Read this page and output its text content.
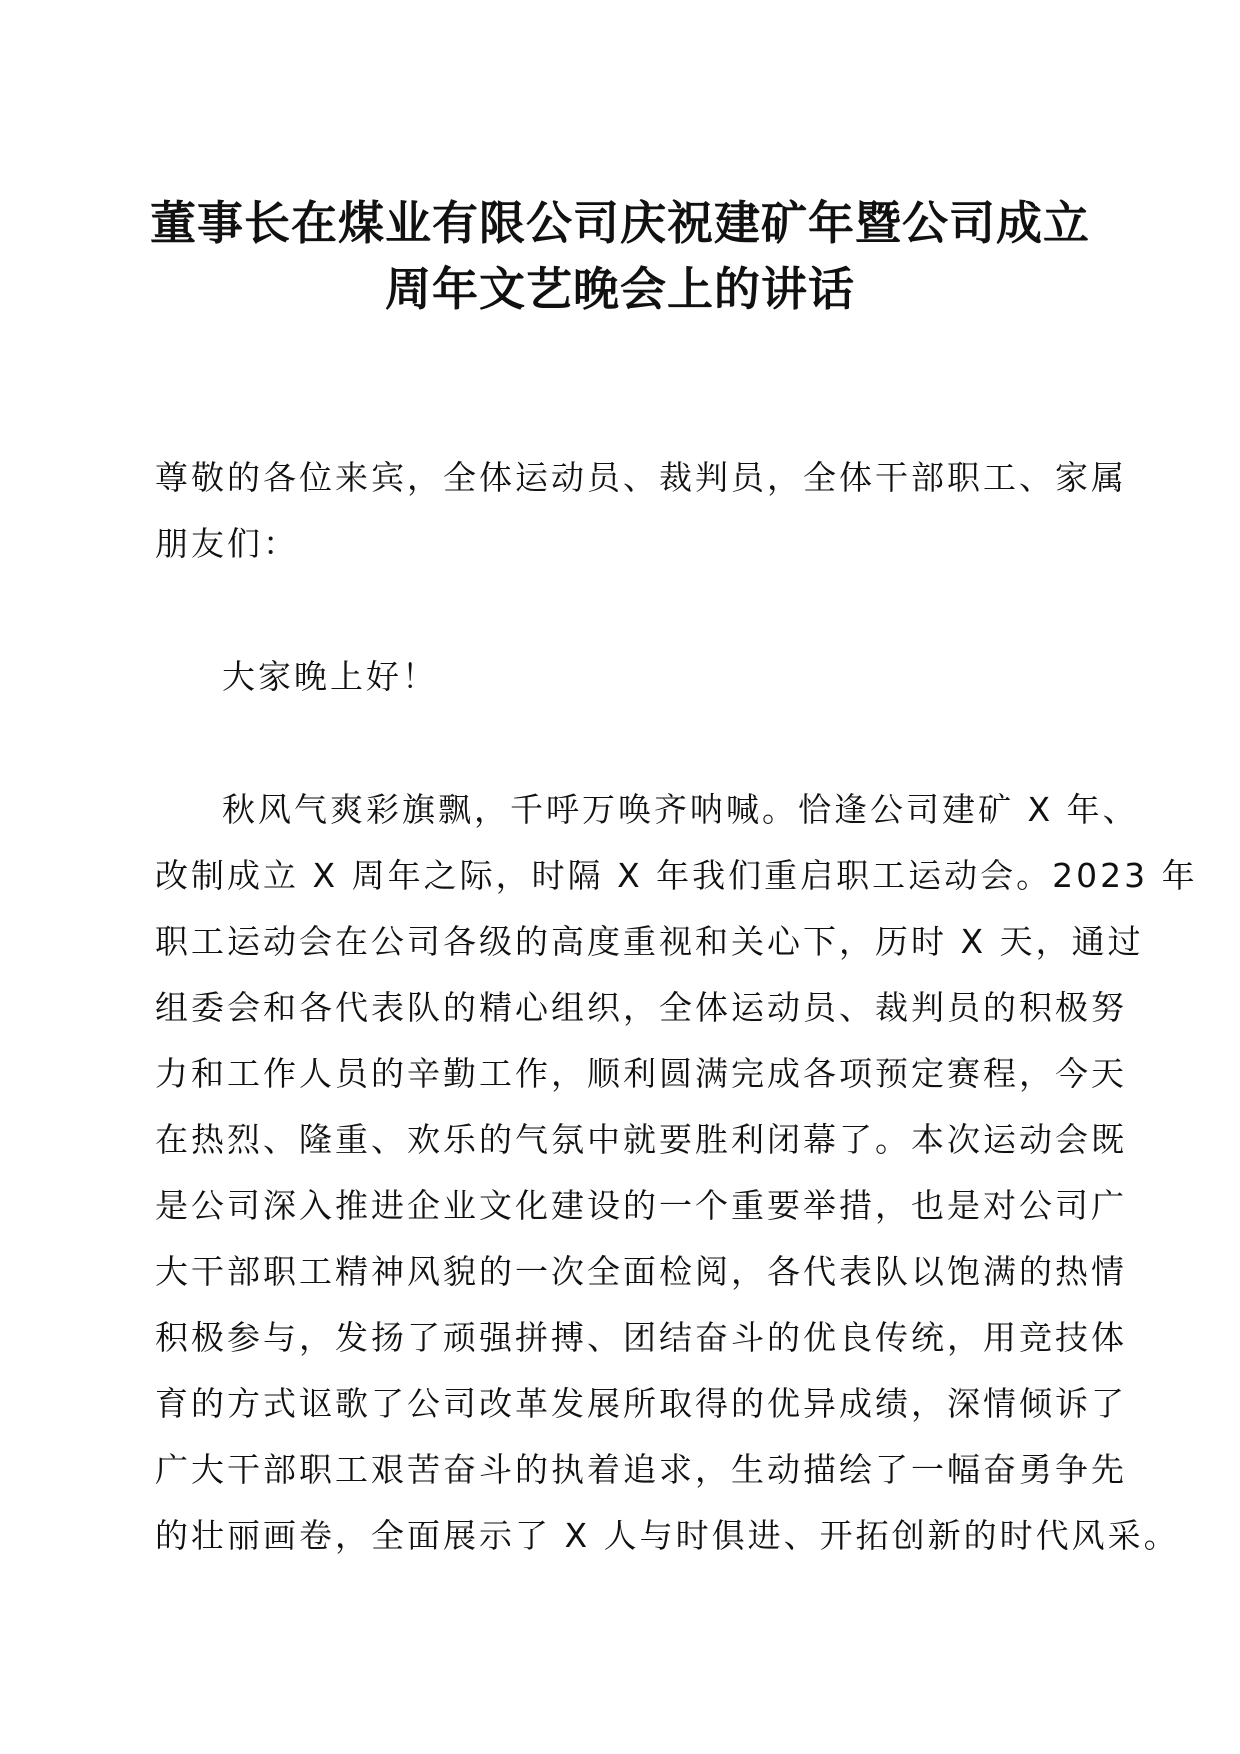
董事长在煤业有限公司庆祝建矿年暨公司成立
周年文艺晚会上的讲话
尊敬的各位来宾，全体运动员、裁判员，全体干部职工、家属
朋友们：
大家晚上好！
秋风气爽彩旗飘，千呼万唤齐呐喊。恰逢公司建矿 X 年、
改制成立 X 周年之际，时隔 X 年我们重启职工运动会。2023 年
职工运动会在公司各级的高度重视和关心下，历时 X 天，通过
组委会和各代表队的精心组织，全体运动员、裁判员的积极努
力和工作人员的辛勤工作，顺利圆满完成各项预定赛程，今天
在热烈、隆重、欢乐的气氛中就要胜利闭幕了。本次运动会既
是公司深入推进企业文化建设的一个重要举措，也是对公司广
大干部职工精神风貌的一次全面检阅，各代表队以饱满的热情
积极参与，发扬了顽强拼搏、团结奋斗的优良传统，用竞技体
育的方式讴歌了公司改革发展所取得的优异成绩，深情倾诉了
广大干部职工艰苦奋斗的执着追求，生动描绘了一幅奋勇争先
的壮丽画卷，全面展示了 X 人与时俱进、开拓创新的时代风采。
